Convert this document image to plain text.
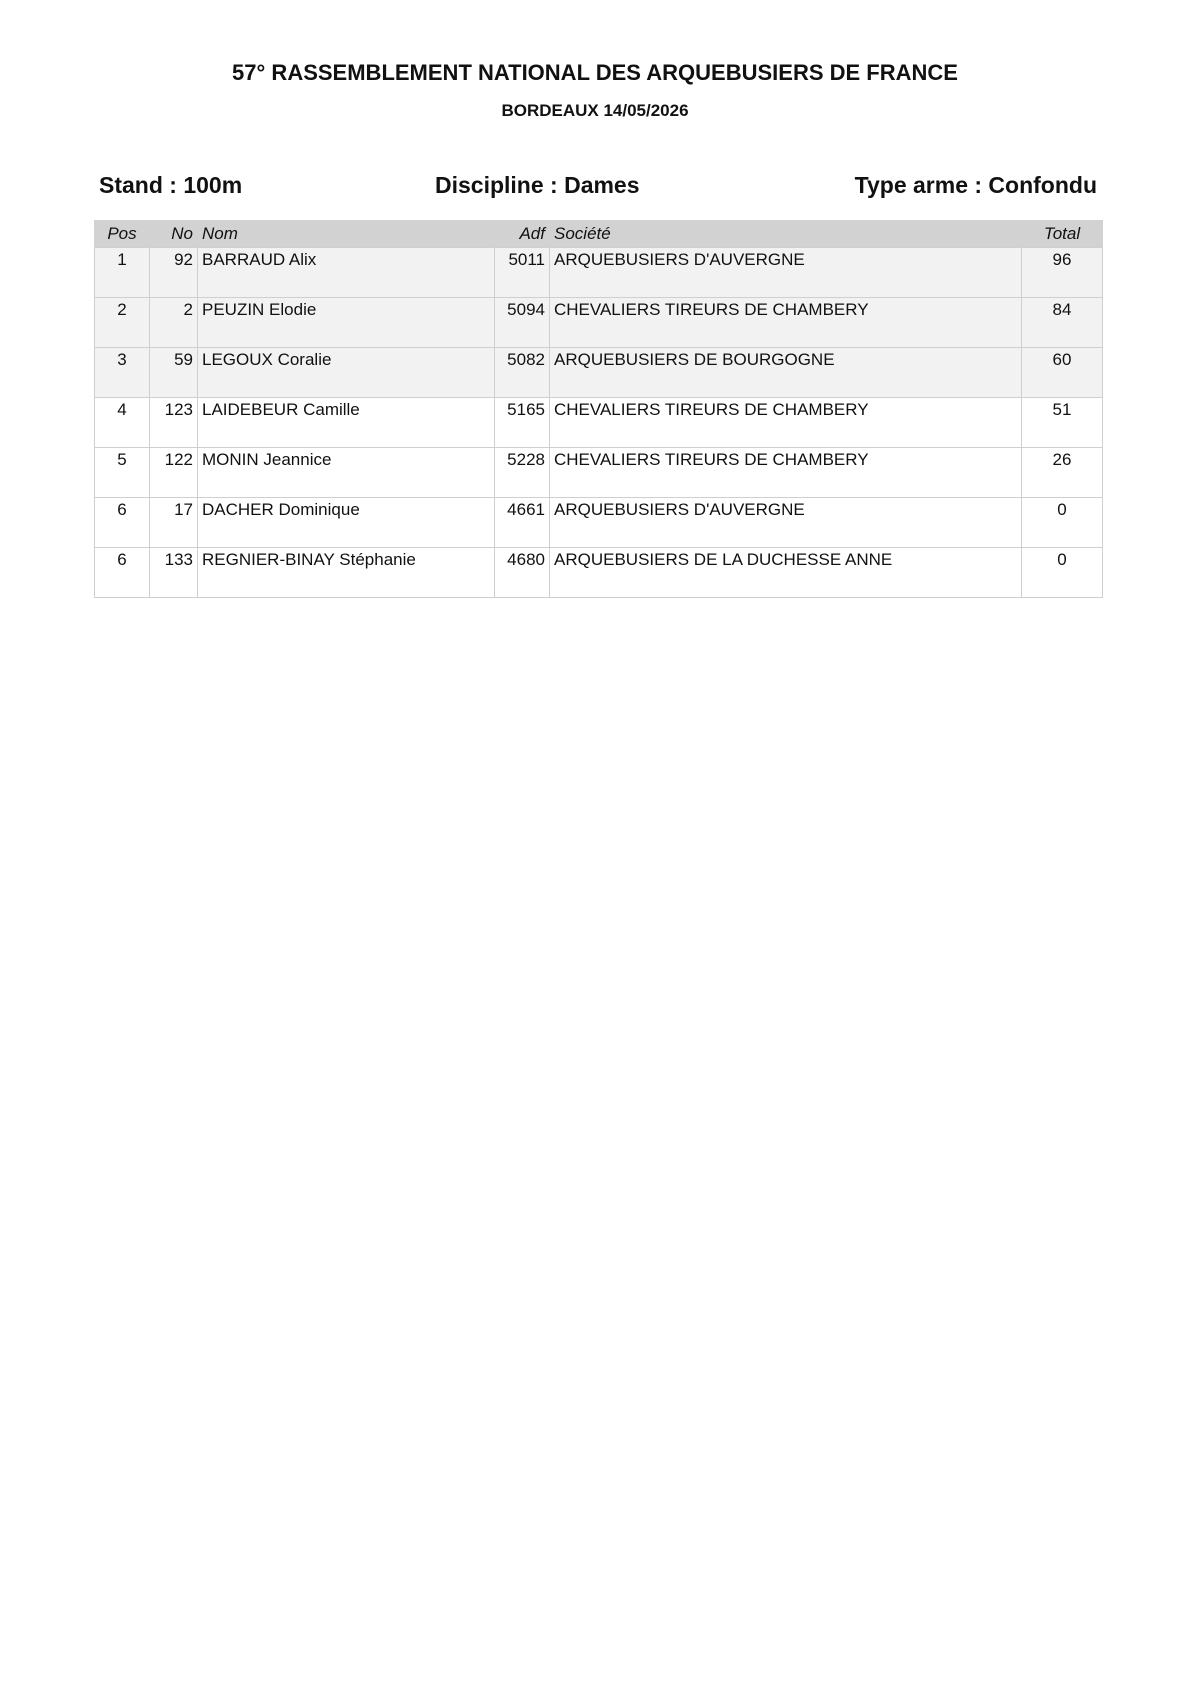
57° RASSEMBLEMENT NATIONAL DES ARQUEBUSIERS DE FRANCE
BORDEAUX 14/05/2026
Stand : 100m	Discipline : Dames	Type arme : Confondu
Pos	No	Nom	Adf	Société	Total
1	92	BARRAUD Alix	5011	ARQUEBUSIERS D'AUVERGNE	96
2	2	PEUZIN Elodie	5094	CHEVALIERS TIREURS DE CHAMBERY	84
3	59	LEGOUX Coralie	5082	ARQUEBUSIERS DE BOURGOGNE	60
4	123	LAIDEBEUR Camille	5165	CHEVALIERS TIREURS DE CHAMBERY	51
5	122	MONIN Jeannice	5228	CHEVALIERS TIREURS DE CHAMBERY	26
6	17	DACHER Dominique	4661	ARQUEBUSIERS D'AUVERGNE	0
6	133	REGNIER-BINAY Stéphanie	4680	ARQUEBUSIERS DE LA DUCHESSE ANNE	0
